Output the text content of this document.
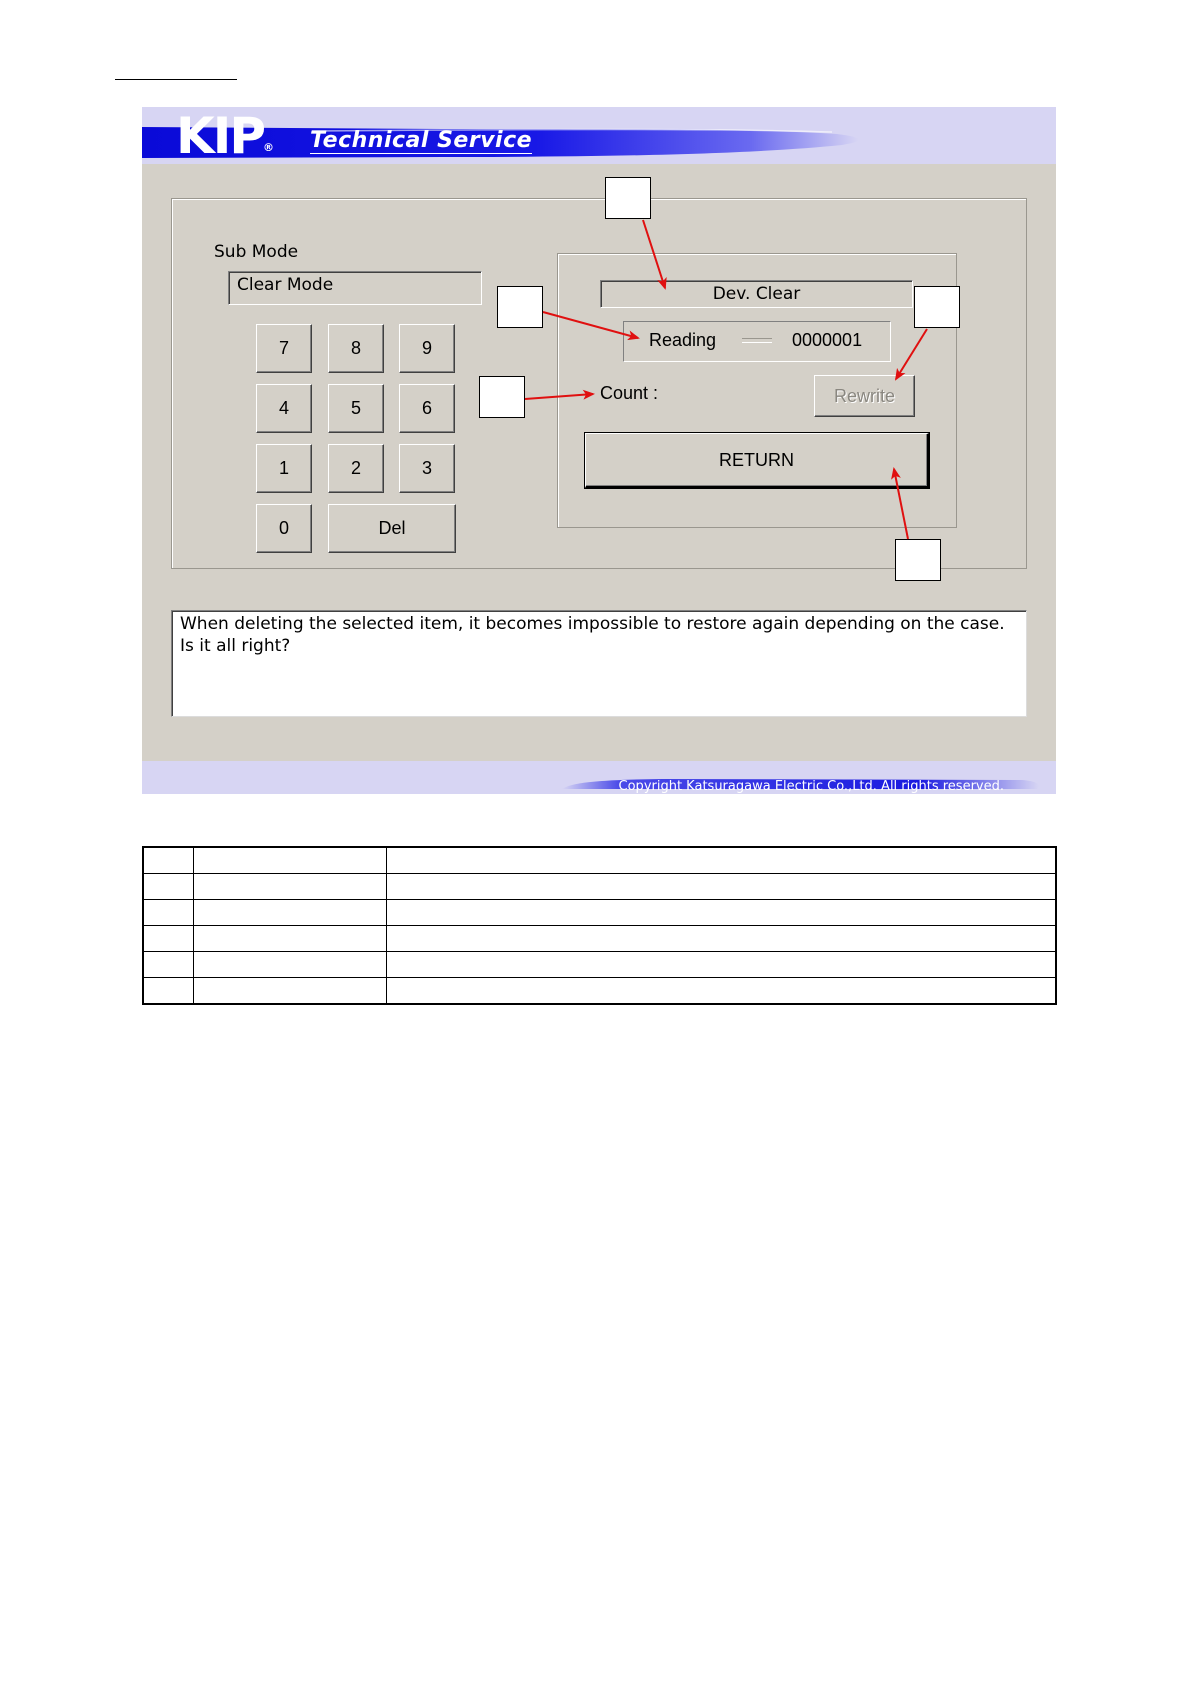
KIP ® Technical Service
Sub Mode
Clear Mode
7	8	9
4	5	6
1	2	3
0	Del
Dev. Clear
Reading	0000001
Count :	Rewrite
RETURN
When deleting the selected item, it becomes impossible to restore again depending on the case.
Is it all right?
Copyright Katsuragawa Electric Co.,Ltd. All rights reserved.
